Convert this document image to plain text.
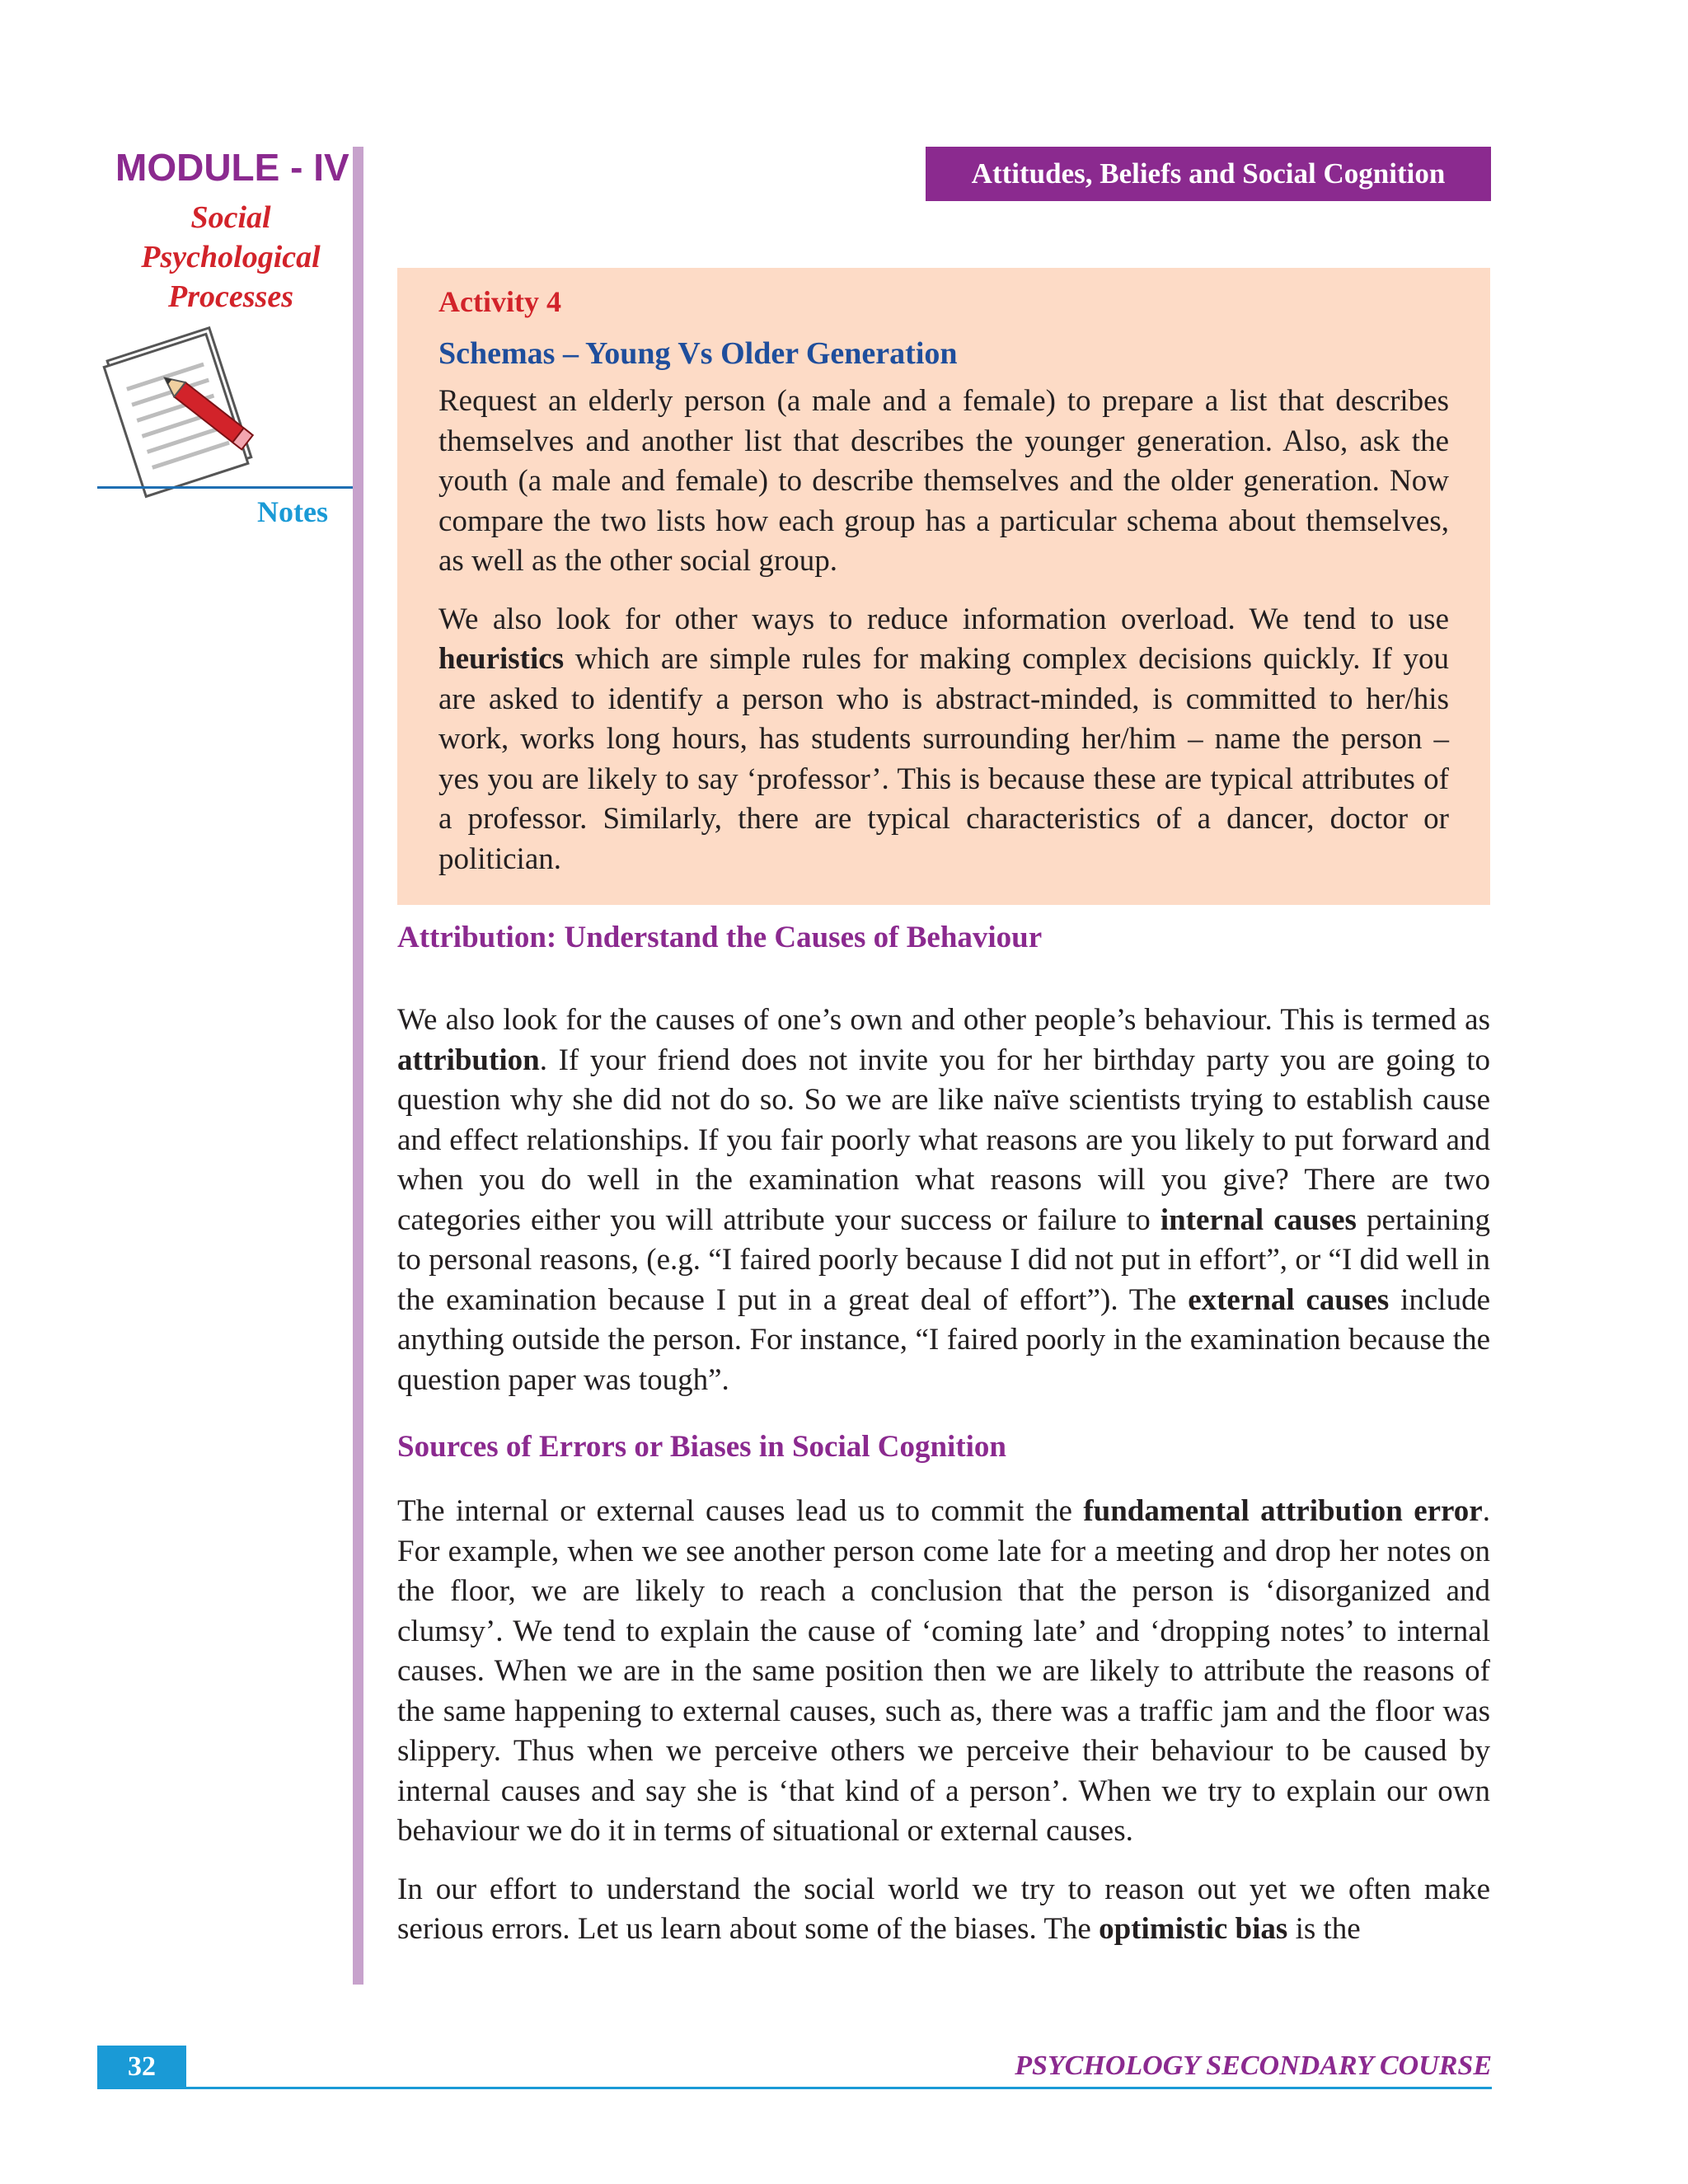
MODULE - IV
Social
Psychological
Processes
Notes
Attitudes, Beliefs and Social Cognition
Activity 4
Schemas – Young Vs Older Generation

Request an elderly person (a male and a female) to prepare a list that describes themselves and another list that describes the younger generation. Also, ask the youth (a male and female) to describe themselves and the older generation. Now compare the two lists how each group has a particular schema about themselves, as well as the other social group.

We also look for other ways to reduce information overload. We tend to use heuristics which are simple rules for making complex decisions quickly. If you are asked to identify a person who is abstract-minded, is committed to her/his work, works long hours, has students surrounding her/him – name the person – yes you are likely to say ‘professor’. This is because these are typical attributes of a professor. Similarly, there are typical characteristics of a dancer, doctor or politician.

Attribution: Understand the Causes of Behaviour

We also look for the causes of one’s own and other people’s behaviour. This is termed as attribution. If your friend does not invite you for her birthday party you are going to question why she did not do so. So we are like naïve scientists trying to establish cause and effect relationships. If you fair poorly what reasons are you likely to put forward and when you do well in the examination what reasons will you give? There are two categories either you will attribute your success or failure to internal causes pertaining to personal reasons, (e.g. “I faired poorly because I did not put in effort”, or “I did well in the examination because I put in a great deal of effort”). The external causes include anything outside the person. For instance, “I faired poorly in the examination because the question paper was tough”.

Sources of Errors or Biases in Social Cognition

The internal or external causes lead us to commit the fundamental attribution error. For example, when we see another person come late for a meeting and drop her notes on the floor, we are likely to reach a conclusion that the person is ‘disorganized and clumsy’. We tend to explain the cause of ‘coming late’ and ‘dropping notes’ to internal causes. When we are in the same position then we are likely to attribute the reasons of the same happening to external causes, such as, there was a traffic jam and the floor was slippery. Thus when we perceive others we perceive their behaviour to be caused by internal causes and say she is ‘that kind of a person’. When we try to explain our own behaviour we do it in terms of situational or external causes.

In our effort to understand the social world we try to reason out yet we often make serious errors. Let us learn about some of the biases. The optimistic bias is the

32	PSYCHOLOGY SECONDARY COURSE
